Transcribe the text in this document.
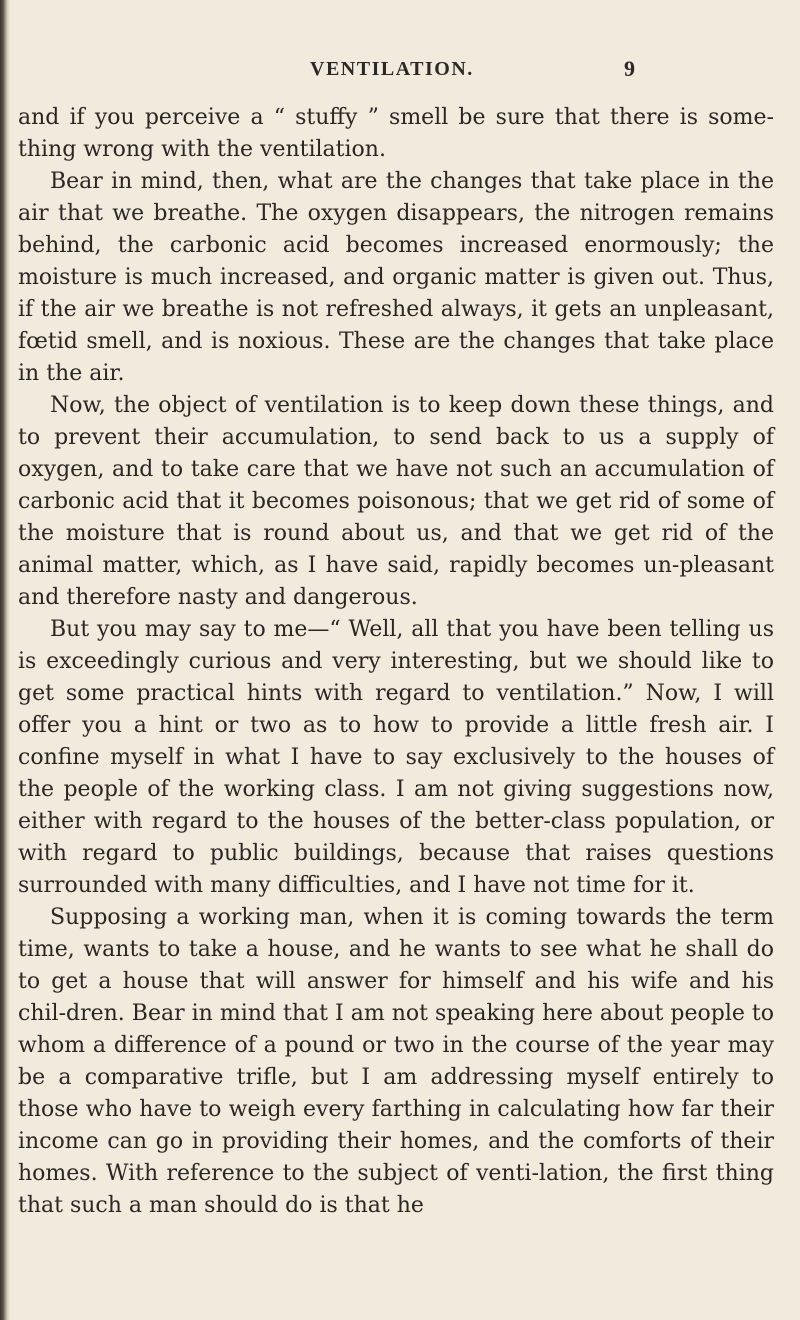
VENTILATION.	9

and if you perceive a “ stuffy ” smell be sure that there is some-thing wrong with the ventilation.

Bear in mind, then, what are the changes that take place in the air that we breathe. The oxygen disappears, the nitrogen remains behind, the carbonic acid becomes increased enormously; the moisture is much increased, and organic matter is given out. Thus, if the air we breathe is not refreshed always, it gets an unpleasant, fœtid smell, and is noxious. These are the changes that take place in the air.

Now, the object of ventilation is to keep down these things, and to prevent their accumulation, to send back to us a supply of oxygen, and to take care that we have not such an accumulation of carbonic acid that it becomes poisonous; that we get rid of some of the moisture that is round about us, and that we get rid of the animal matter, which, as I have said, rapidly becomes un-pleasant and therefore nasty and dangerous.

But you may say to me—“ Well, all that you have been telling us is exceedingly curious and very interesting, but we should like to get some practical hints with regard to ventilation.” Now, I will offer you a hint or two as to how to provide a little fresh air. I confine myself in what I have to say exclusively to the houses of the people of the working class. I am not giving suggestions now, either with regard to the houses of the better-class population, or with regard to public buildings, because that raises questions surrounded with many difficulties, and I have not time for it.

Supposing a working man, when it is coming towards the term time, wants to take a house, and he wants to see what he shall do to get a house that will answer for himself and his wife and his chil-dren. Bear in mind that I am not speaking here about people to whom a difference of a pound or two in the course of the year may be a comparative trifle, but I am addressing myself entirely to those who have to weigh every farthing in calculating how far their income can go in providing their homes, and the comforts of their homes. With reference to the subject of venti-lation, the first thing that such a man should do is that he
